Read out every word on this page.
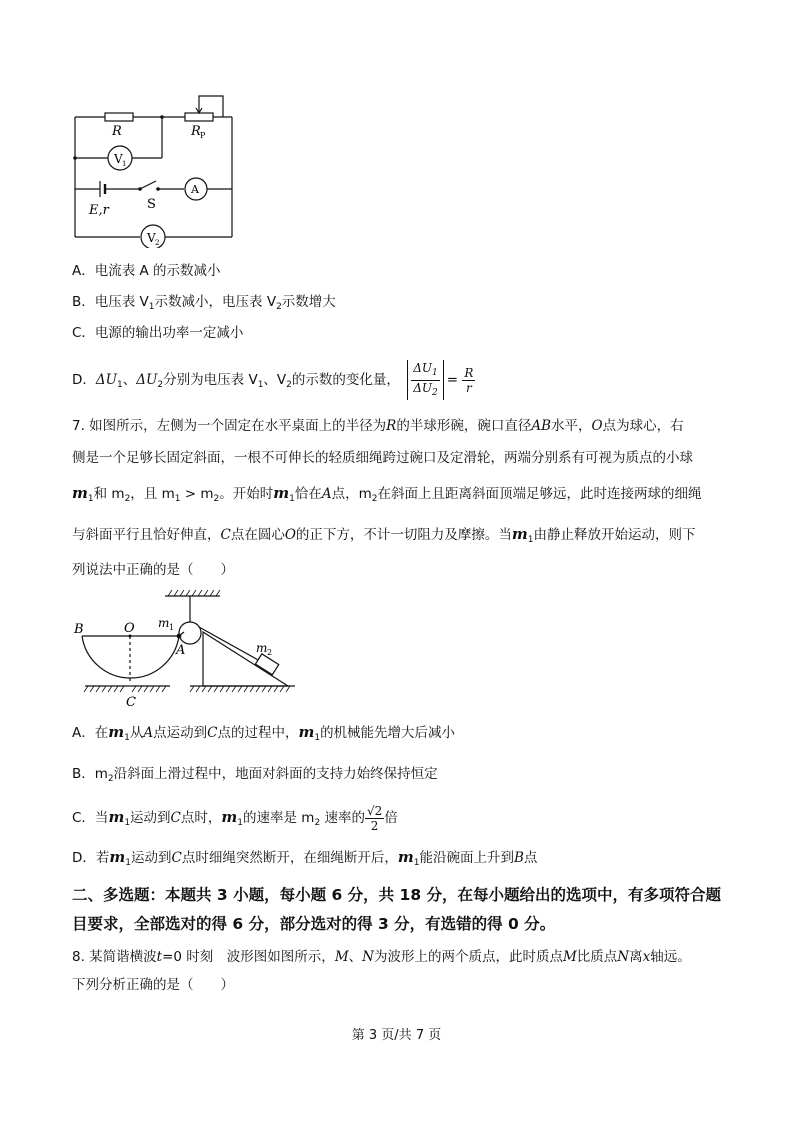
R	R P
V 1
A
V 2
E,r	S
A．电流表 A 的示数减小
B．电压表 $V_1$示数减小，电压表 $V_2$示数增大
C．电源的输出功率一定减小
D．$\Delta U_1$、$\Delta U_2$分别为电压表 $V_1$、$V_2$的示数的变化量， $\frac{\Delta U_1}{\Delta U_2} = \frac{R}{r}$
7. 如图所示，左侧为一个固定在水平桌面上的半径为R的半球形碗，碗口直径AB水平，O点为球心，右
侧是一个足够长固定斜面，一根不可伸长的轻质细绳跨过碗口及定滑轮，两端分别系有可视为质点的小球
$m_1$和 $m_2$，且 $m_1 > m_2$。开始时$m_1$恰在A点，$m_2$在斜面上且距离斜面顶端足够远，此时连接两球的细绳
与斜面平行且恰好伸直，C点在圆心O的正下方，不计一切阻力及摩擦。当$m_1$由静止释放开始运动，则下
列说法中正确的是（　　）
B	O
A
C
m 1
m 2
A．在$m_1$从A点运动到C点的过程中，$m_1$的机械能先增大后减小
B．$m_2$沿斜面上滑过程中，地面对斜面的支持力始终保持恒定
C．当$m_1$运动到C点时，$m_1$的速率是 $m_2$ 速率的 $\frac{√2}{2}$ 倍
D．若$m_1$运动到C点时细绳突然断开，在细绳断开后，$m_1$能沿碗面上升到B点
二、多选题：本题共 3 小题，每小题 6 分，共 18 分，在每小题给出的选项中，有多项符合题
目要求，全部选对的得 6 分，部分选对的得 3 分，有选错的得 0 分。
8. 某简谐横波t=0 时刻　波形图如图所示，M、N为波形上的两个质点，此时质点M比质点N离x轴远。
下列分析正确的是（　　）
第 3 页/共 7 页
